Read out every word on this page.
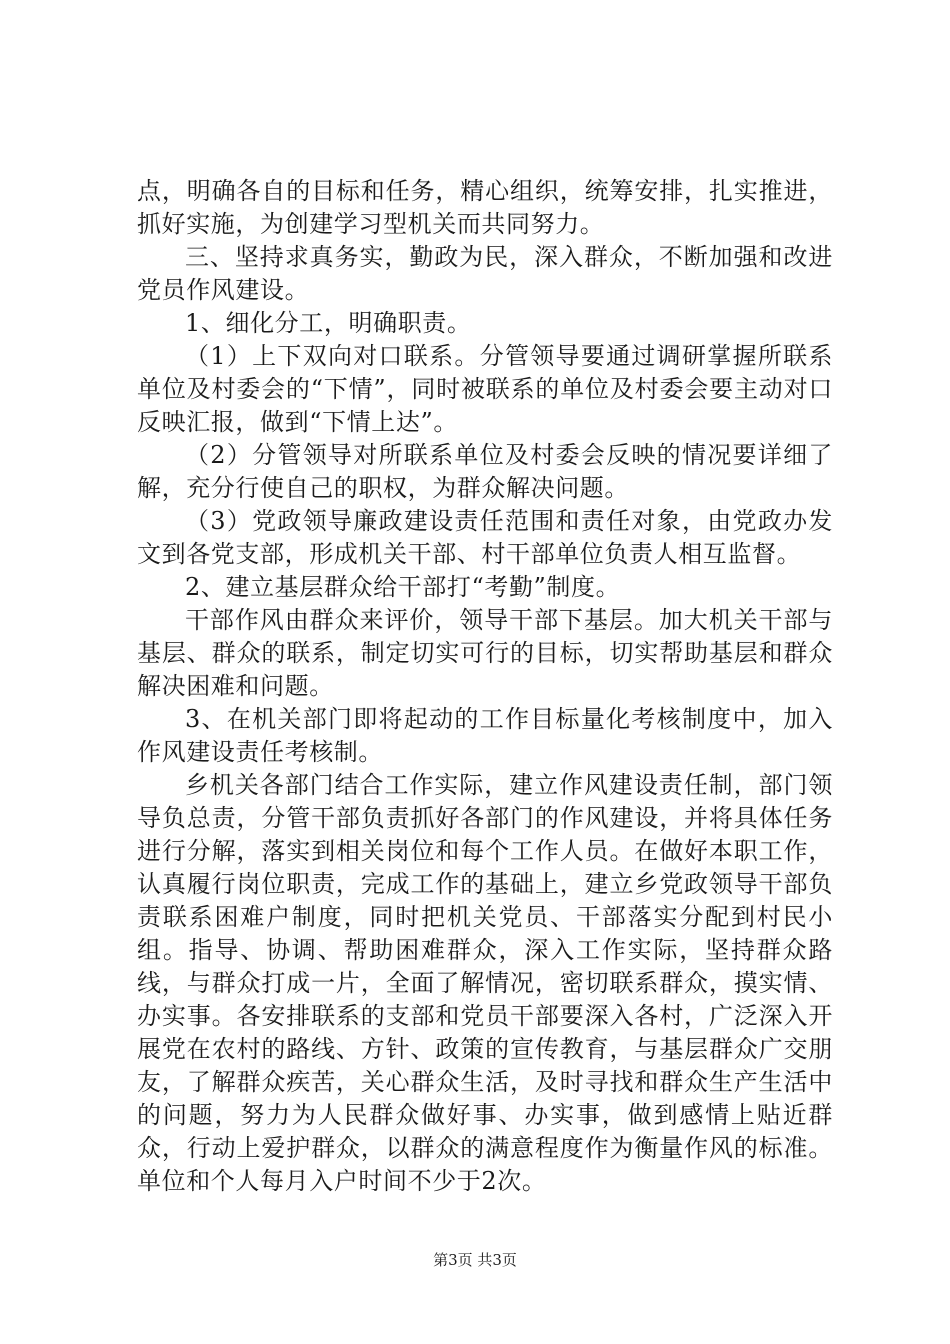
点，明确各自的目标和任务，精心组织，统筹安排，扎实推进，抓好实施，为创建学习型机关而共同努力。

三、坚持求真务实，勤政为民，深入群众，不断加强和改进党员作风建设。

1、细化分工，明确职责。

（1）上下双向对口联系。分管领导要通过调研掌握所联系单位及村委会的“下情”，同时被联系的单位及村委会要主动对口反映汇报，做到“下情上达”。

（2）分管领导对所联系单位及村委会反映的情况要详细了解，充分行使自己的职权，为群众解决问题。

（3）党政领导廉政建设责任范围和责任对象，由党政办发文到各党支部，形成机关干部、村干部单位负责人相互监督。

2、建立基层群众给干部打“考勤”制度。

干部作风由群众来评价，领导干部下基层。加大机关干部与基层、群众的联系，制定切实可行的目标，切实帮助基层和群众解决困难和问题。

3、在机关部门即将起动的工作目标量化考核制度中，加入作风建设责任考核制。

乡机关各部门结合工作实际，建立作风建设责任制，部门领导负总责，分管干部负责抓好各部门的作风建设，并将具体任务进行分解，落实到相关岗位和每个工作人员。在做好本职工作，认真履行岗位职责，完成工作的基础上，建立乡党政领导干部负责联系困难户制度，同时把机关党员、干部落实分配到村民小组。指导、协调、帮助困难群众，深入工作实际，坚持群众路线，与群众打成一片，全面了解情况，密切联系群众，摸实情、办实事。各安排联系的支部和党员干部要深入各村，广泛深入开展党在农村的路线、方针、政策的宣传教育，与基层群众广交朋友，了解群众疾苦，关心群众生活，及时寻找和群众生产生活中的问题，努力为人民群众做好事、办实事，做到感情上贴近群众，行动上爱护群众，以群众的满意程度作为衡量作风的标准。单位和个人每月入户时间不少于2次。

第3页 共3页
